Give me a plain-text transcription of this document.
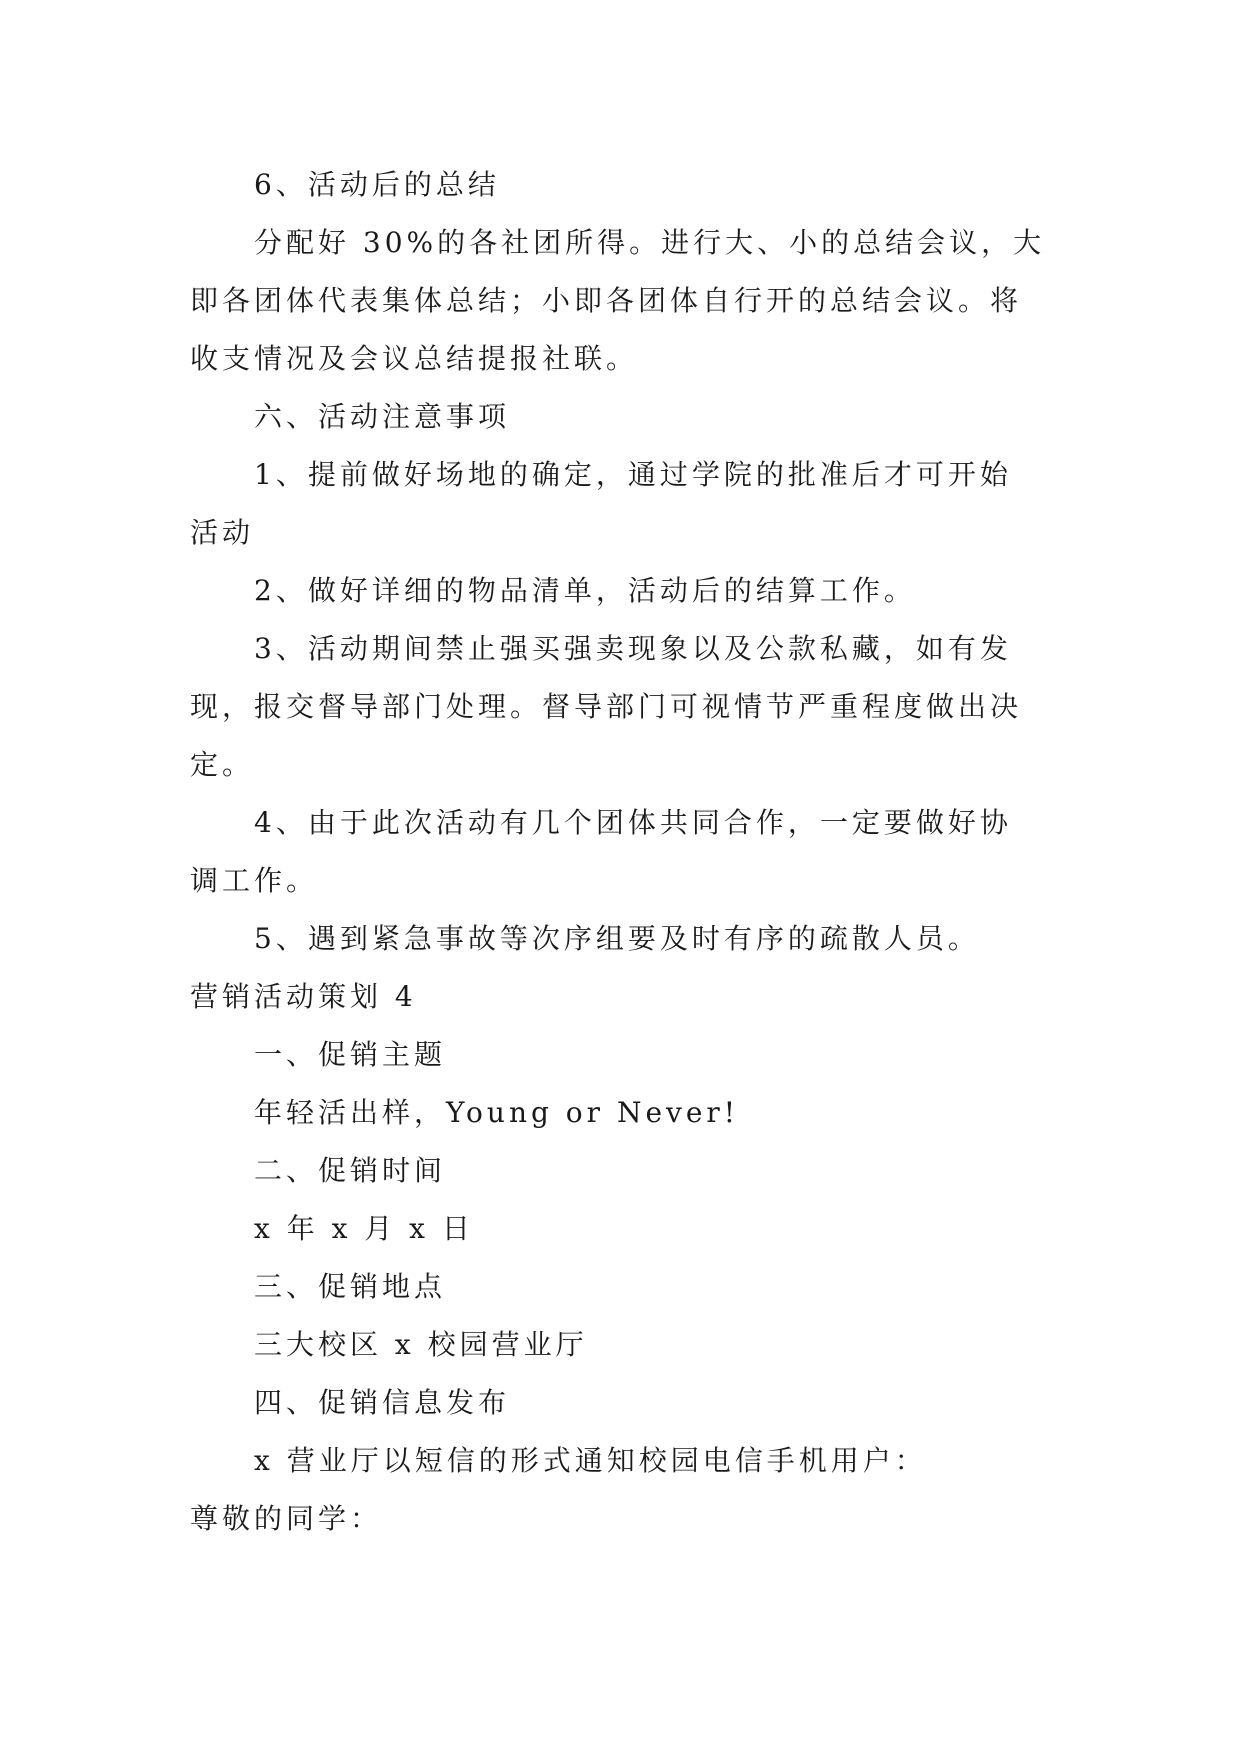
6、活动后的总结
分配好 30%的各社团所得。进行大、小的总结会议，大
即各团体代表集体总结；小即各团体自行开的总结会议。将
收支情况及会议总结提报社联。
六、活动注意事项
1、提前做好场地的确定，通过学院的批准后才可开始
活动
2、做好详细的物品清单，活动后的结算工作。
3、活动期间禁止强买强卖现象以及公款私藏，如有发
现，报交督导部门处理。督导部门可视情节严重程度做出决
定。
4、由于此次活动有几个团体共同合作，一定要做好协
调工作。
5、遇到紧急事故等次序组要及时有序的疏散人员。
营销活动策划 4
一、促销主题
年轻活出样，Young or Never!
二、促销时间
x 年 x 月 x 日
三、促销地点
三大校区 x 校园营业厅
四、促销信息发布
x 营业厅以短信的形式通知校园电信手机用户：
尊敬的同学：
